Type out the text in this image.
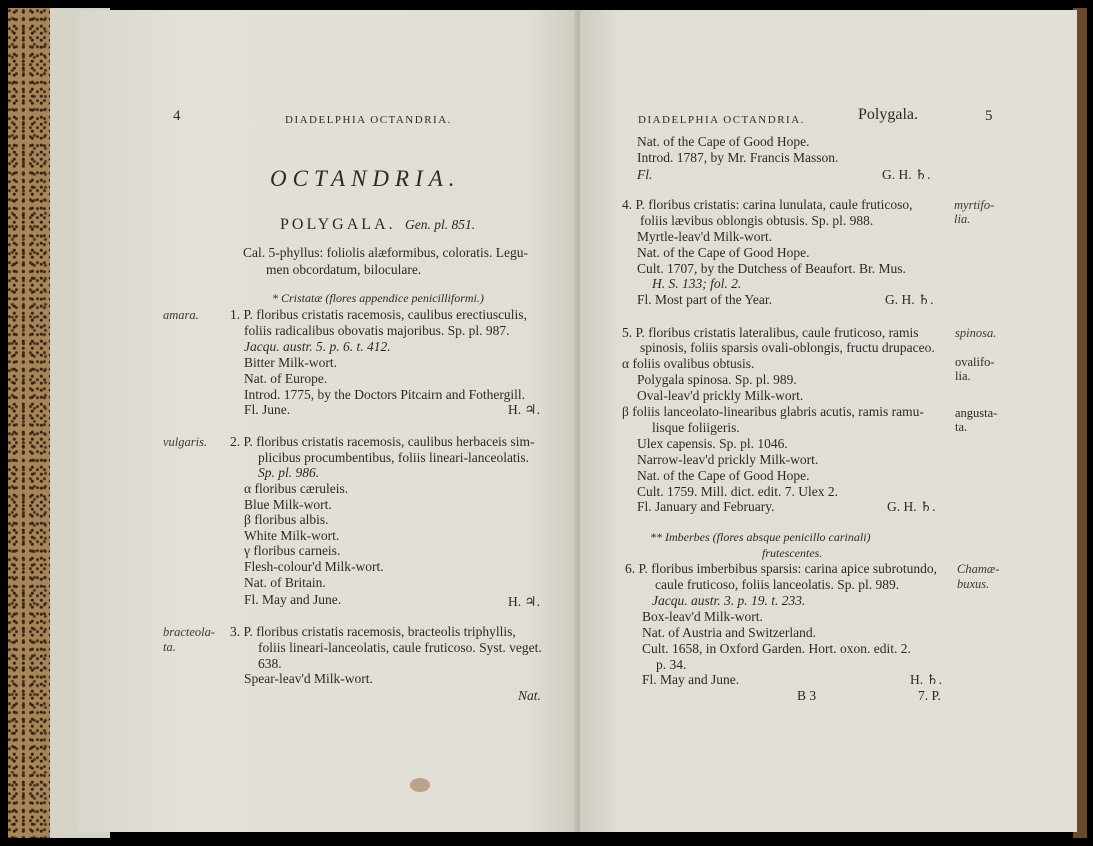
4	DIADELPHIA OCTANDRIA.
OCTANDRIA.
POLYGALA. Gen. pl. 851.
Cal. 5-phyllus: foliolis alæformibus, coloratis. Legu-
men obcordatum, biloculare.
* Cristatæ (flores appendice penicilliformi.)
amara. 1. P. floribus cristatis racemosis, caulibus erectiusculis,
foliis radicalibus obovatis majoribus. Sp. pl. 987.
Jacqu. austr. 5. p. 6. t. 412.
Bitter Milk-wort.
Nat. of Europe.
Introd. 1775, by the Doctors Pitcairn and Fothergill.
Fl. June.	H. ♃.
vulgaris. 2. P. floribus cristatis racemosis, caulibus herbaceis sim-
plicibus procumbentibus, foliis lineari-lanceolatis.
Sp. pl. 986.
α floribus cæruleis.
Blue Milk-wort.
β floribus albis.
White Milk-wort.
γ floribus carneis.
Flesh-colour'd Milk-wort.
Nat. of Britain.
Fl. May and June.	H. ♃.
bracteola-
ta.
3. P. floribus cristatis racemosis, bracteolis triphyllis,
foliis lineari-lanceolatis, caule fruticoso. Syst. veget.
638.
Spear-leav'd Milk-wort.
Nat.
DIADELPHIA OCTANDRIA.	Polygala.	5
Nat. of the Cape of Good Hope.
Introd. 1787, by Mr. Francis Masson.
Fl.	G. H. ♄.
4. P. floribus cristatis: carina lunulata, caule fruticoso,
foliis lævibus oblongis obtusis. Sp. pl. 988.
Myrtle-leav'd Milk-wort.
Nat. of the Cape of Good Hope.
Cult. 1707, by the Dutchess of Beaufort. Br. Mus.
H. S. 133; fol. 2.
Fl. Most part of the Year.	G. H. ♄.
myrtifo-
lia.
5. P. floribus cristatis lateralibus, caule fruticoso, ramis
spinosis, foliis sparsis ovali-oblongis, fructu drupaceo.
α foliis ovalibus obtusis.
Polygala spinosa. Sp. pl. 989.
Oval-leav'd prickly Milk-wort.
β foliis lanceolato-linearibus glabris acutis, ramis ramu-
lisque foliigeris.
Ulex capensis. Sp. pl. 1046.
Narrow-leav'd prickly Milk-wort.
Nat. of the Cape of Good Hope.
Cult. 1759. Mill. dict. edit. 7. Ulex 2.
Fl. January and February.	G. H. ♄.
spinosa.
ovalifo-
lia.
angusta-
ta.
** Imberbes (flores absque penicillo carinali)
frutescentes.
6. P. floribus imberbibus sparsis: carina apice subrotundo,
caule fruticoso, foliis lanceolatis. Sp. pl. 989.
Jacqu. austr. 3. p. 19. t. 233.
Box-leav'd Milk-wort.
Nat. of Austria and Switzerland.
Cult. 1658, in Oxford Garden. Hort. oxon. edit. 2.
p. 34.
Fl. May and June.	H. ♄.
Chamæ-
buxus.
B 3	7. P.
